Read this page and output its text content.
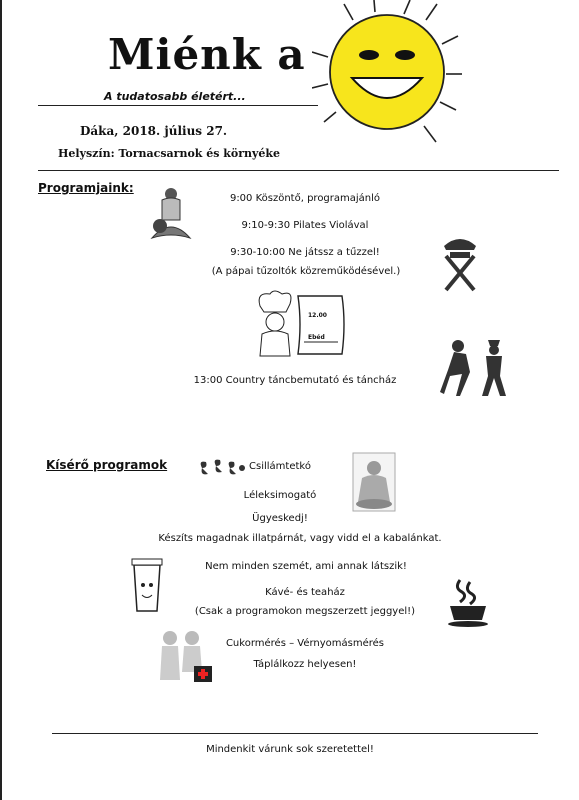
Miénk a
A tudatosabb életért...
Dáka, 2018. július 27.
Helyszín: Tornacsarnok és környéke
Programjaink:
9:00 Köszöntő, programajánló
9:10-9:30 Pilates Violával
9:30-10:00 Ne játssz a tűzzel!
(A pápai tűzoltók közreműködésével.)
12.00
Ebéd
13:00 Country táncbemutató és táncház
Kísérő programok	Csillámtetkó
Léleksimogató
Ügyeskedj!
Készíts magadnak illatpárnát, vagy vidd el a kabalánkat.
Nem minden szemét, ami annak látszik!
Kávé- és teaház
(Csak a programokon megszerzett jeggyel!)
Cukormérés – Vérnyomásmérés
Táplálkozz helyesen!
Mindenkit várunk sok szeretettel!
